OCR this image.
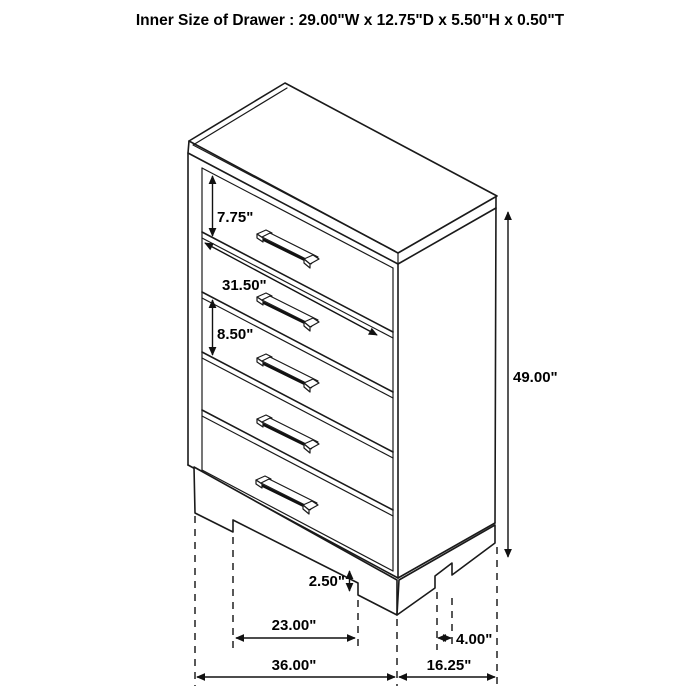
Inner Size of Drawer : 29.00"W x 12.75"D x 5.50"H x 0.50"T
7.75"
31.50"
8.50"
49.00"
2.50"
23.00"
4.00"
36.00"	16.25"
